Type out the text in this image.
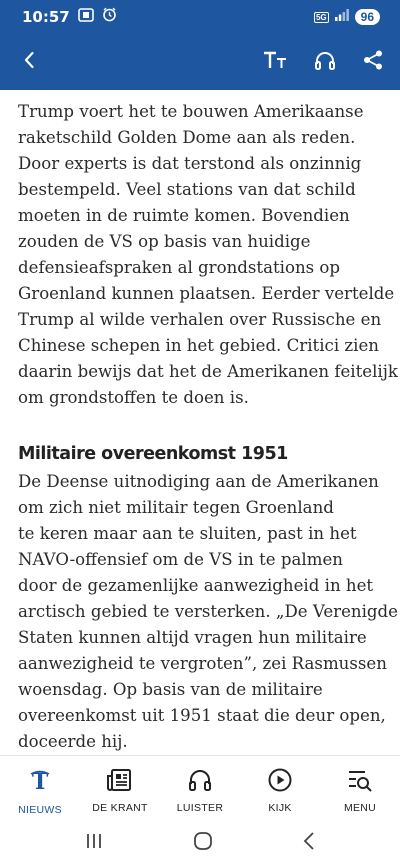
10:57	5G	96
Trump voert het te bouwen Amerikaanse
raketschild Golden Dome aan als reden.
Door experts is dat terstond als onzinnig
bestempeld. Veel stations van dat schild
moeten in de ruimte komen. Bovendien
zouden de VS op basis van huidige
defensieafspraken al grondstations op
Groenland kunnen plaatsen. Eerder vertelde
Trump al wilde verhalen over Russische en
Chinese schepen in het gebied. Critici zien
daarin bewijs dat het de Amerikanen feitelijk
om grondstoffen te doen is.
Militaire overeenkomst 1951
De Deense uitnodiging aan de Amerikanen
om zich niet militair tegen Groenland
te keren maar aan te sluiten, past in het
NAVO-offensief om de VS in te palmen
door de gezamenlijke aanwezigheid in het
arctisch gebied te versterken. „De Verenigde
Staten kunnen altijd vragen hun militaire
aanwezigheid te vergroten”, zei Rasmussen
woensdag. Op basis van de militaire
overeenkomst uit 1951 staat die deur open,
doceerde hij.
T
NIEUWS	DE KRANT	LUISTER	KIJK	MENU
